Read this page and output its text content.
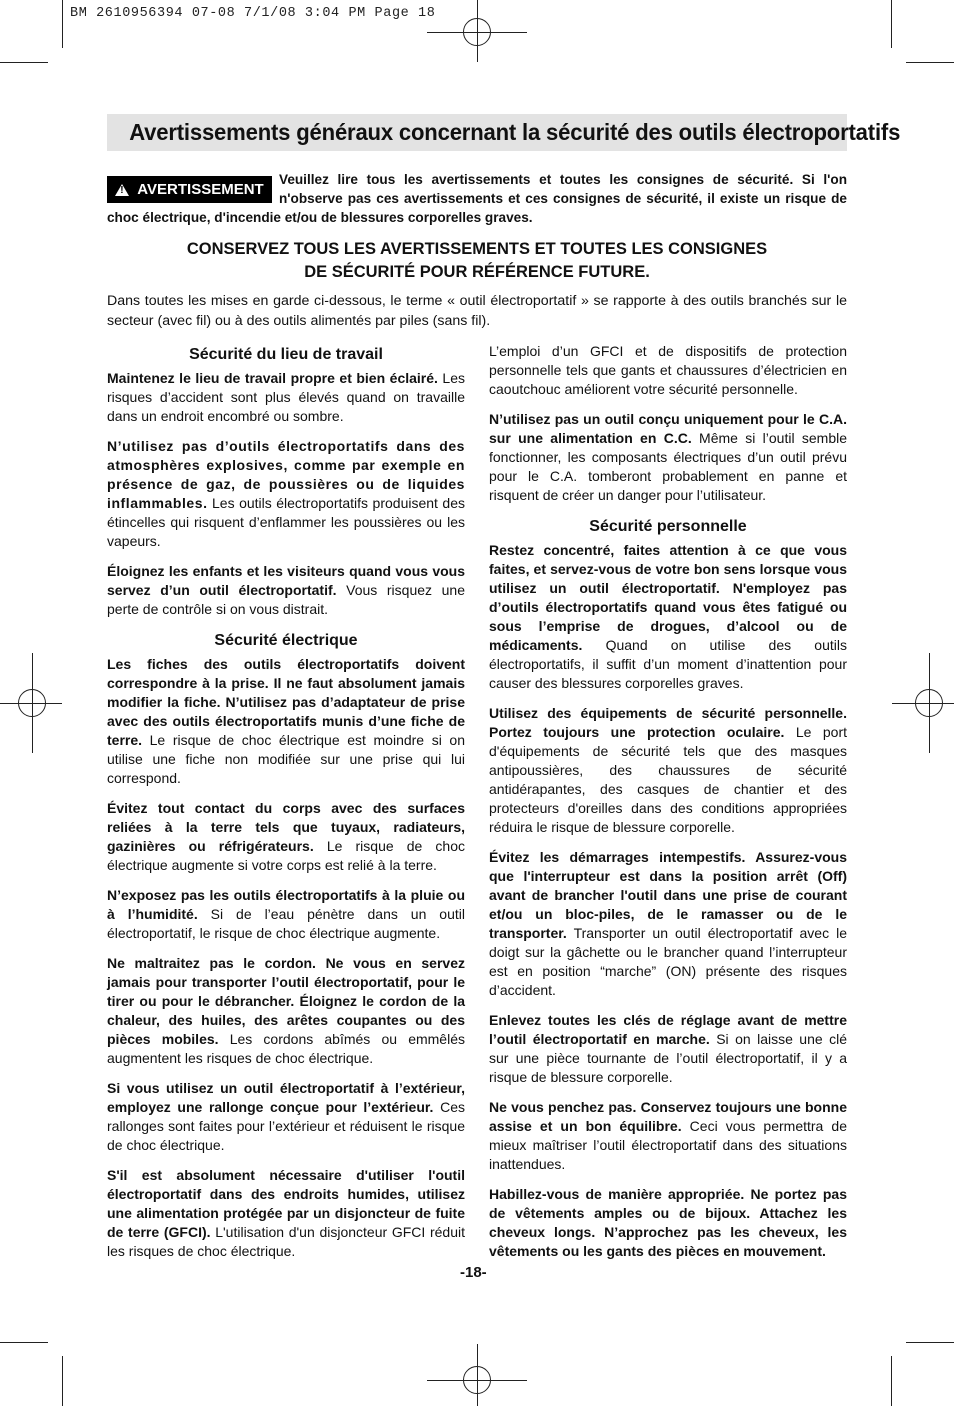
BM 2610956394 07-08 7/1/08 3:04 PM Page 18
Avertissements généraux concernant la sécurité des outils électroportatifs
Veuillez lire tous les avertissements et toutes les consignes de sécurité. Si l'on n'observe pas ces avertissements et ces consignes de sécurité, il existe un risque de choc électrique, d'incendie et/ou de blessures corporelles graves.
!
AVERTISSEMENT
CONSERVEZ TOUS LES AVERTISSEMENTS ET TOUTES LES CONSIGNES
DE SÉCURITÉ POUR RÉFÉRENCE FUTURE.
Dans toutes les mises en garde ci-dessous, le terme « outil électroportatif » se rapporte à des outils branchés sur le secteur (avec fil) ou à des outils alimentés par piles (sans fil).
Sécurité du lieu de travail

Maintenez le lieu de travail propre et bien éclairé. Les risques d’accident sont plus élevés quand on travaille dans un endroit encombré ou sombre.

N’utilisez pas d’outils électroportatifs dans des atmosphères explosives, comme par exemple en présence de gaz, de poussières ou de liquides inflammables. Les outils électroportatifs produisent des étincelles qui risquent d’enflammer les poussières ou les vapeurs.

Éloignez les enfants et les visiteurs quand vous vous servez d’un outil électroportatif. Vous risquez une perte de contrôle si on vous distrait.

Sécurité électrique

Les fiches des outils électroportatifs doivent correspondre à la prise. Il ne faut absolument jamais modifier la fiche. N’utilisez pas d’adaptateur de prise avec des outils électroportatifs munis d’une fiche de terre. Le risque de choc électrique est moindre si on utilise une fiche non modifiée sur une prise qui lui correspond.

Évitez tout contact du corps avec des surfaces reliées à la terre tels que tuyaux, radiateurs, gazinières ou réfrigérateurs. Le risque de choc électrique augmente si votre corps est relié à la terre.

N’exposez pas les outils électroportatifs à la pluie ou à l’humidité. Si de l’eau pénètre dans un outil électroportatif, le risque de choc électrique augmente.

Ne maltraitez pas le cordon. Ne vous en servez jamais pour transporter l’outil électroportatif, pour le tirer ou pour le débrancher. Éloignez le cordon de la chaleur, des huiles, des arêtes coupantes ou des pièces mobiles. Les cordons abîmés ou emmêlés augmentent les risques de choc électrique.

Si vous utilisez un outil électroportatif à l’extérieur, employez une rallonge conçue pour l’extérieur. Ces rallonges sont faites pour l’extérieur et réduisent le risque de choc électrique.

S'il est absolument nécessaire d'utiliser l'outil électroportatif dans des endroits humides, utilisez une alimentation protégée par un disjoncteur de fuite de terre (GFCI). L'utilisation d'un disjoncteur GFCI réduit les risques de choc électrique.

L’emploi d’un GFCI et de dispositifs de protection personnelle tels que gants et chaussures d’électricien en caoutchouc améliorent votre sécurité personnelle.

N’utilisez pas un outil conçu uniquement pour le C.A. sur une alimentation en C.C. Même si l’outil semble fonctionner, les composants électriques d’un outil prévu pour le C.A. tomberont probablement en panne et risquent de créer un danger pour l’utilisateur.

Sécurité personnelle

Restez concentré, faites attention à ce que vous faites, et servez-vous de votre bon sens lorsque vous utilisez un outil électroportatif. N'employez pas d’outils électroportatifs quand vous êtes fatigué ou sous l’emprise de drogues, d’alcool ou de médicaments. Quand on utilise des outils électroportatifs, il suffit d’un moment d’inattention pour causer des blessures corporelles graves.

Utilisez des équipements de sécurité personnelle. Portez toujours une protection oculaire. Le port d'équipements de sécurité tels que des masques antipoussières, des chaussures de sécurité antidérapantes, des casques de chantier et des protecteurs d'oreilles dans des conditions appropriées réduira le risque de blessure corporelle.

Évitez les démarrages intempestifs. Assurez-vous que l'interrupteur est dans la position arrêt (Off) avant de brancher l'outil dans une prise de courant et/ou un bloc-piles, de le ramasser ou de le transporter. Transporter un outil électroportatif avec le doigt sur la gâchette ou le brancher quand l’interrupteur est en position “marche” (ON) présente des risques d’accident.

Enlevez toutes les clés de réglage avant de mettre l’outil électroportatif en marche. Si on laisse une clé sur une pièce tournante de l’outil électroportatif, il y a risque de blessure corporelle.

Ne vous penchez pas. Conservez toujours une bonne assise et un bon équilibre. Ceci vous permettra de mieux maîtriser l’outil électroportatif dans des situations inattendues.

Habillez-vous de manière appropriée. Ne portez pas de vêtements amples ou de bijoux. Attachez les cheveux longs. N’approchez pas les cheveux, les vêtements ou les gants des pièces en mouvement.

-18-
